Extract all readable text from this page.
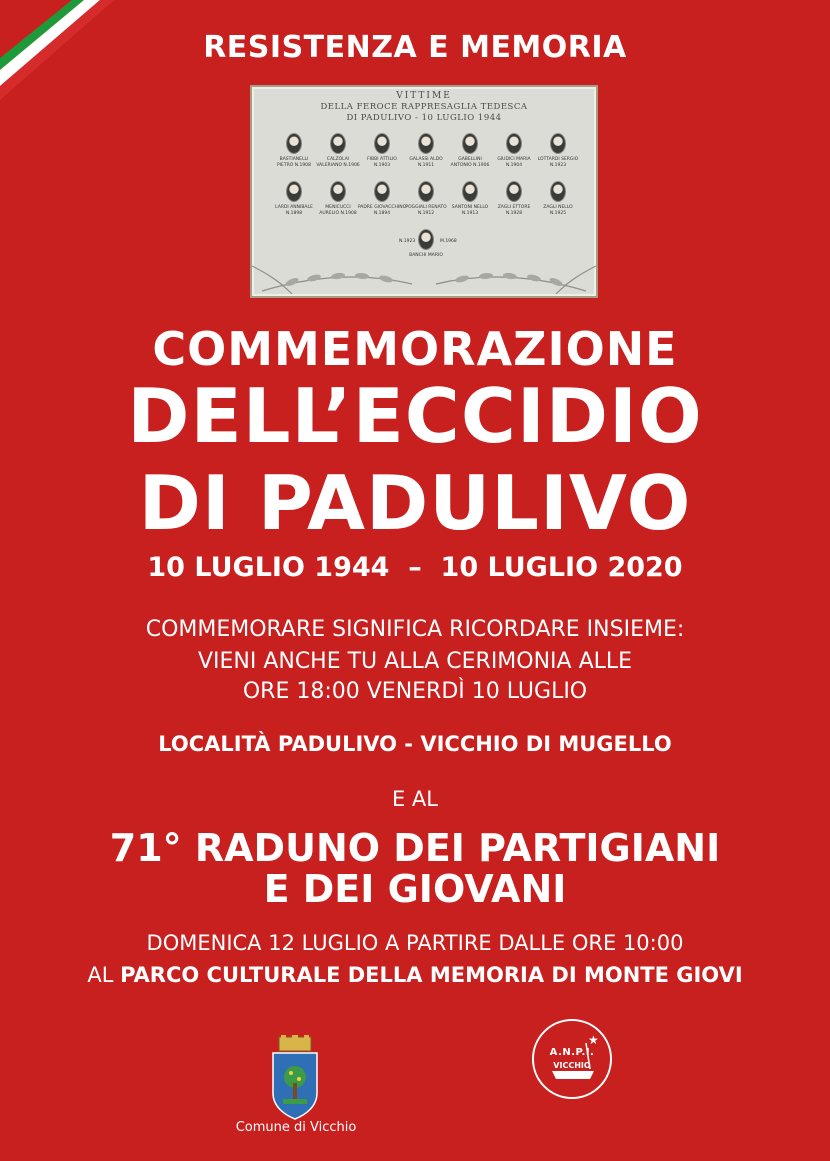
RESISTENZA E MEMORIA
VITTIME
DELLA FEROCE RAPPRESAGLIA TEDESCA
DI PADULIVO - 10 LUGLIO 1944
BASTIANELLI
PIETRO N.1908
CALZOLAI
VALERIANO N.1906
FIBBI ATTILIO
N.1903
GALASSI ALDO
N.1911
GABELLINI
ANTONIO N.1906
GIUDICI MARIA
N.1904
LOTTARDI SERGIO
N.1923
LARDI ANNIBALE
N.1898
MENICUCCI
AURELIO N.1908
PADRE GIOVACCHINO
N.1894
POGGIALI RENATO
N.1912
SANTONI NELLO
N.1913
ZAGLI ETTORE
N.1928
ZAGLI NELLO
N.1925
N.1923	M.1968
BANCHI MARIO
COMMEMORAZIONE
DELL’ECCIDIO
DI PADULIVO
10 LUGLIO 1944  –  10 LUGLIO 2020
COMMEMORARE SIGNIFICA RICORDARE INSIEME:
VIENI ANCHE TU ALLA CERIMONIA ALLE
ORE 18:00 VENERDÌ 10 LUGLIO
LOCALITÀ PADULIVO - VICCHIO DI MUGELLO
E AL
71° RADUNO DEI PARTIGIANI
E DEI GIOVANI
DOMENICA 12 LUGLIO A PARTIRE DALLE ORE 10:00
AL PARCO CULTURALE DELLA MEMORIA DI MONTE GIOVI
Comune di Vicchio
★
A.N.P.I.
VICCHIO
